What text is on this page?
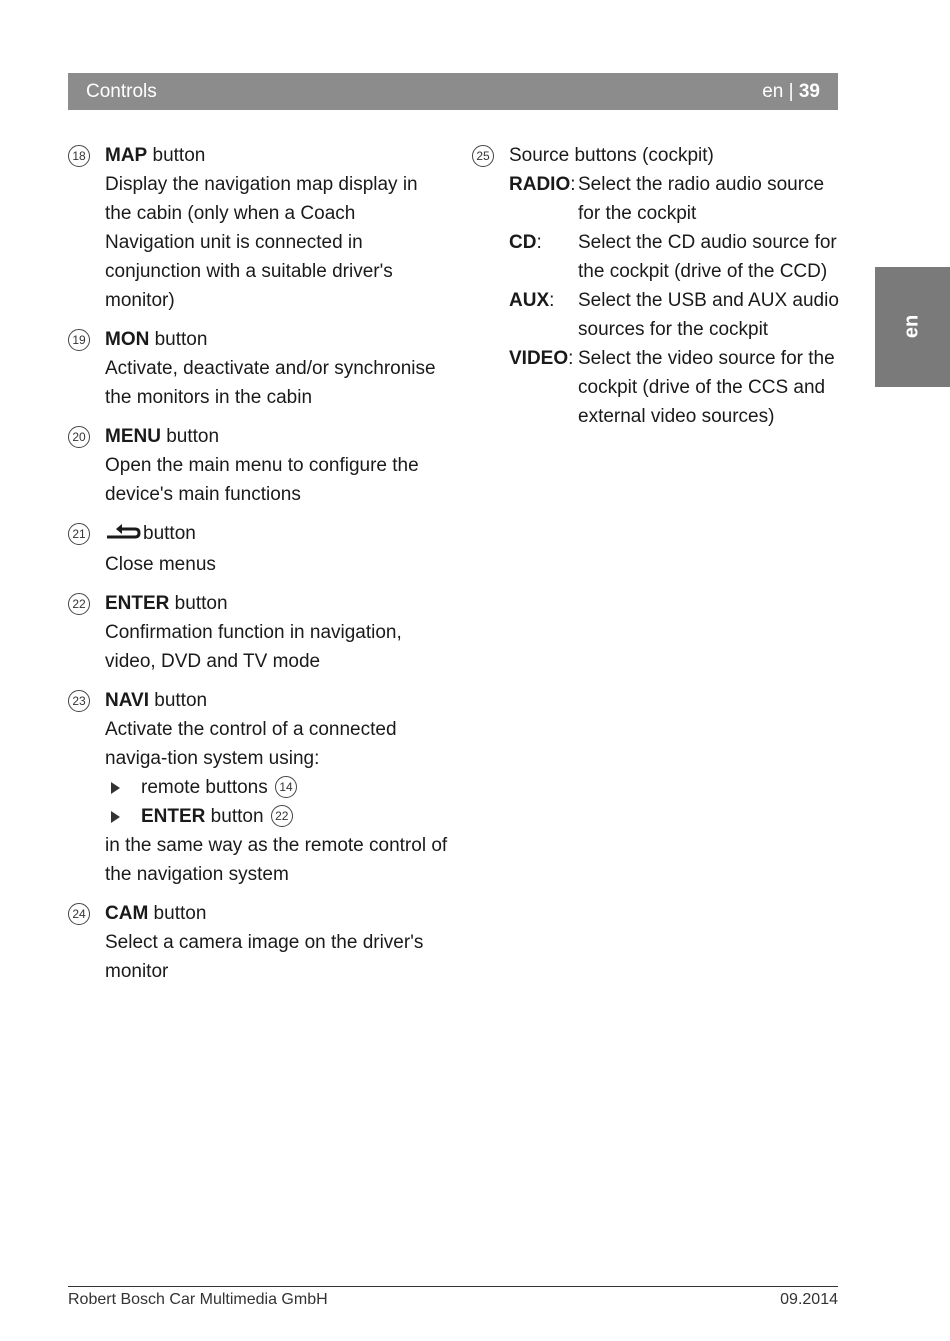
Controls	en | 39
en
18 MAP button
Display the navigation map display in the cabin (only when a Coach Navigation unit is connected in conjunction with a suitable driver's monitor)
19 MON button
Activate, deactivate and/or synchronise the monitors in the cabin
20 MENU button
Open the main menu to configure the device's main functions
21	button
Close menus
22 ENTER button
Confirmation function in navigation, video, DVD and TV mode
23 NAVI button
Activate the control of a connected naviga-tion system using:
remote buttons 14
ENTER button 22
in the same way as the remote control of the navigation system
24 CAM button
Select a camera image on the driver's monitor
25 Source buttons (cockpit)
RADIO: Select the radio audio source for the cockpit
CD: Select the CD audio source for the cockpit (drive of the CCD)
AUX: Select the USB and AUX audio sources for the cockpit
VIDEO: Select the video source for the cockpit (drive of the CCS and external video sources)
Robert Bosch Car Multimedia GmbH	09.2014
